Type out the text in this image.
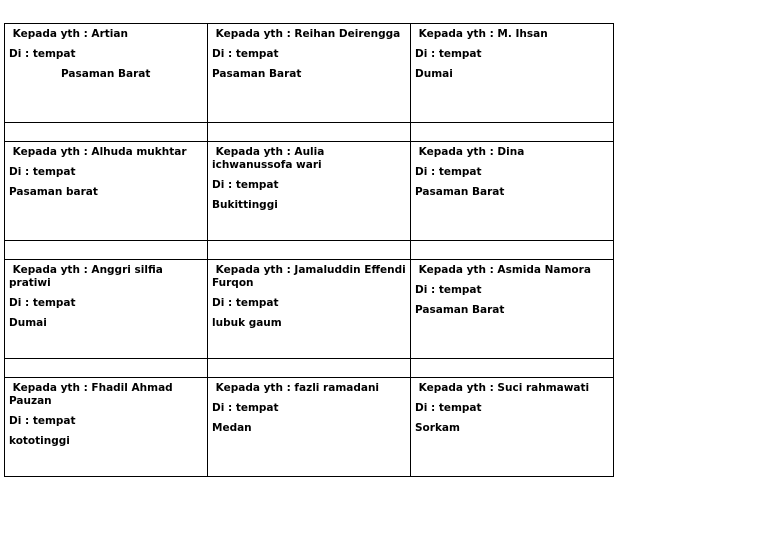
Kepada yth : Artian
Di : tempat
Pasaman Barat	Kepada yth : Reihan Deirengga
Di : tempat
Pasaman Barat	Kepada yth : M. Ihsan
Di : tempat
Dumai

Kepada yth : Alhuda mukhtar
Di : tempat
Pasaman barat	Kepada yth : Aulia ichwanussofa wari
Di : tempat
Bukittinggi	Kepada yth : Dina
Di : tempat
Pasaman Barat

Kepada yth : Anggri silfia pratiwi
Di : tempat
Dumai	Kepada yth : Jamaluddin Effendi Furqon
Di : tempat
lubuk gaum	Kepada yth : Asmida Namora
Di : tempat
Pasaman Barat

Kepada yth : Fhadil Ahmad Pauzan
Di : tempat
kototinggi	Kepada yth : fazli ramadani
Di : tempat
Medan	Kepada yth : Suci rahmawati
Di : tempat
Sorkam
